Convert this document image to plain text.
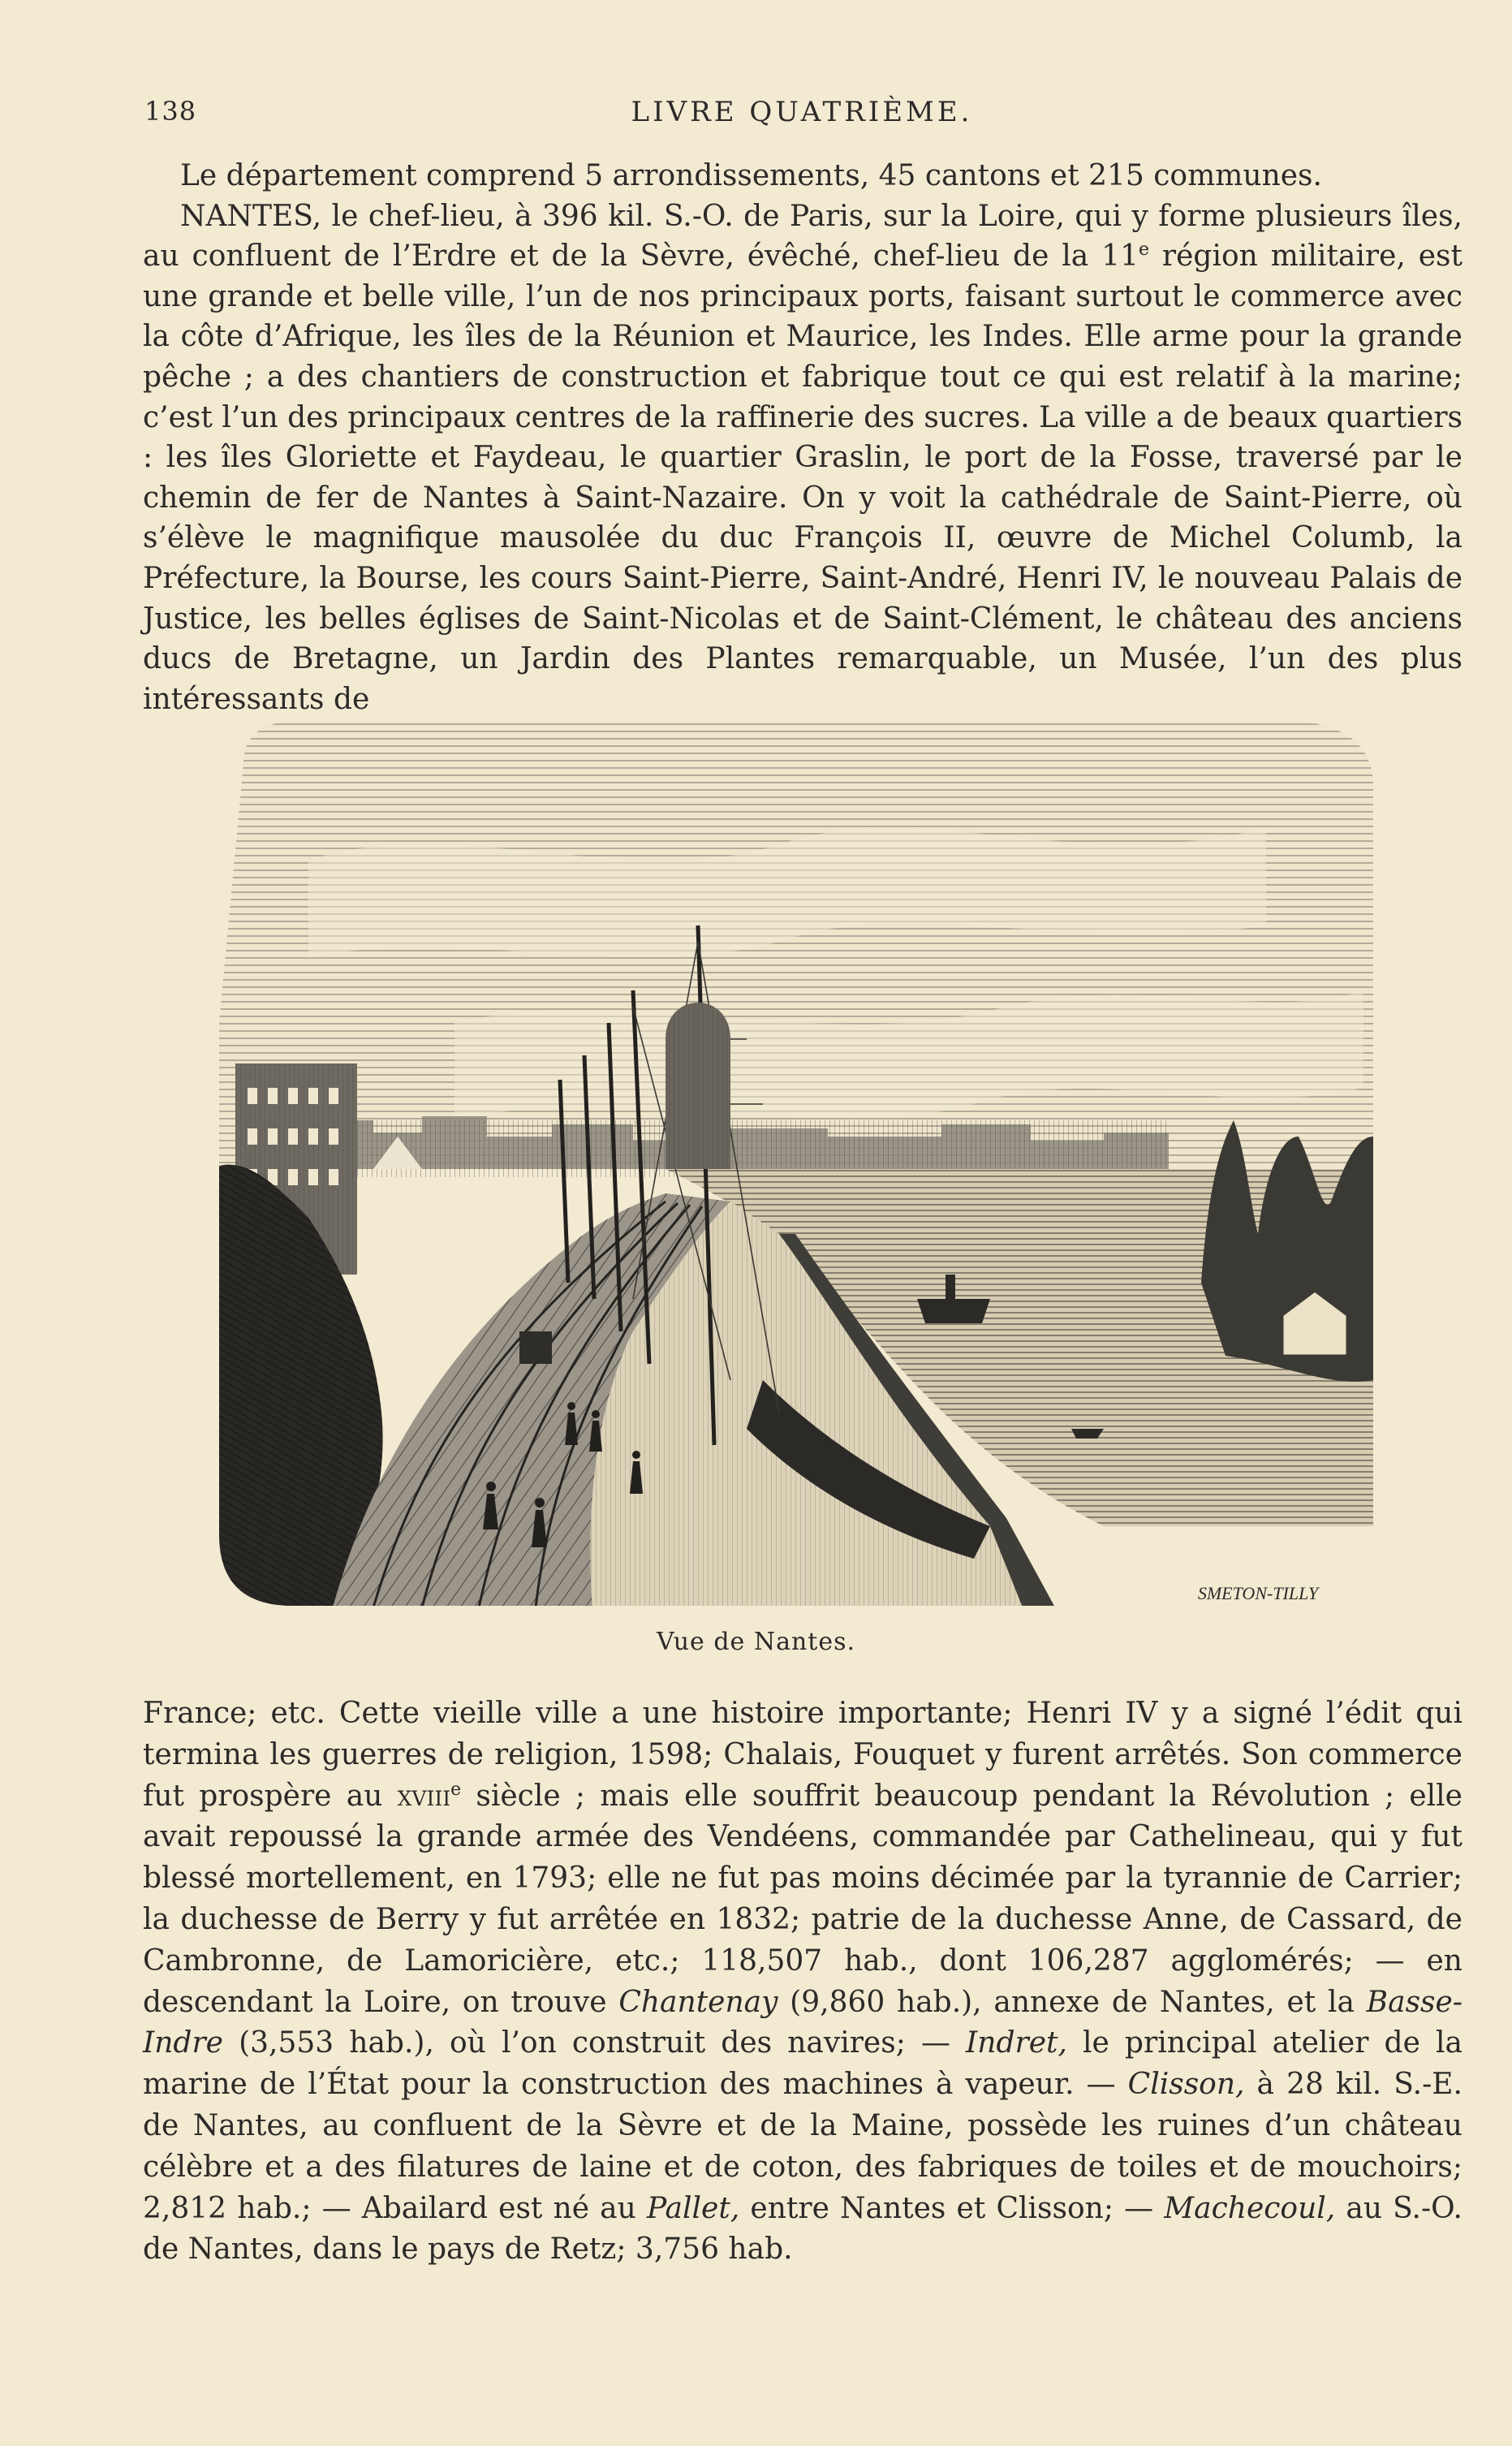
138	LIVRE QUATRIÈME.

Le département comprend 5 arrondissements, 45 cantons et 215 communes.

NANTES, le chef-lieu, à 396 kil. S.-O. de Paris, sur la Loire, qui y forme plusieurs îles, au confluent de l’Erdre et de la Sèvre, évêché, chef-lieu de la 11e région militaire, est une grande et belle ville, l’un de nos principaux ports, faisant surtout le commerce avec la côte d’Afrique, les îles de la Réunion et Maurice, les Indes. Elle arme pour la grande pêche ; a des chantiers de construction et fabrique tout ce qui est relatif à la marine; c’est l’un des principaux centres de la raffinerie des sucres. La ville a de beaux quartiers : les îles Gloriette et Faydeau, le quartier Graslin, le port de la Fosse, traversé par le chemin de fer de Nantes à Saint-Nazaire. On y voit la cathédrale de Saint-Pierre, où s’élève le magnifique mausolée du duc François II, œuvre de Michel Columb, la Préfecture, la Bourse, les cours Saint-Pierre, Saint-André, Henri IV, le nouveau Palais de Justice, les belles églises de Saint-Nicolas et de Saint-Clément, le château des anciens ducs de Bretagne, un Jardin des Plantes remarquable, un Musée, l’un des plus intéressants de

SMETON-TILLY
Vue de Nantes.

France; etc. Cette vieille ville a une histoire importante; Henri IV y a signé l’édit qui termina les guerres de religion, 1598; Chalais, Fouquet y furent arrêtés. Son commerce fut prospère au xviii$^e$ siècle ; mais elle souffrit beaucoup pendant la Révolution ; elle avait repoussé la grande armée des Vendéens, commandée par Cathelineau, qui y fut blessé mortellement, en 1793; elle ne fut pas moins décimée par la tyrannie de Carrier; la duchesse de Berry y fut arrêtée en 1832; patrie de la duchesse Anne, de Cassard, de Cambronne, de Lamoricière, etc.; 118,507 hab., dont 106,287 agglomérés; — en descendant la Loire, on trouve Chantenay (9,860 hab.), annexe de Nantes, et la Basse-Indre (3,553 hab.), où l’on construit des navires; — Indret, le principal atelier de la marine de l’État pour la construction des machines à vapeur. — Clisson, à 28 kil. S.-E. de Nantes, au confluent de la Sèvre et de la Maine, possède les ruines d’un château célèbre et a des filatures de laine et de coton, des fabriques de toiles et de mouchoirs; 2,812 hab.; — Abailard est né au Pallet, entre Nantes et Clisson; — Machecoul, au S.-O. de Nantes, dans le pays de Retz; 3,756 hab.
